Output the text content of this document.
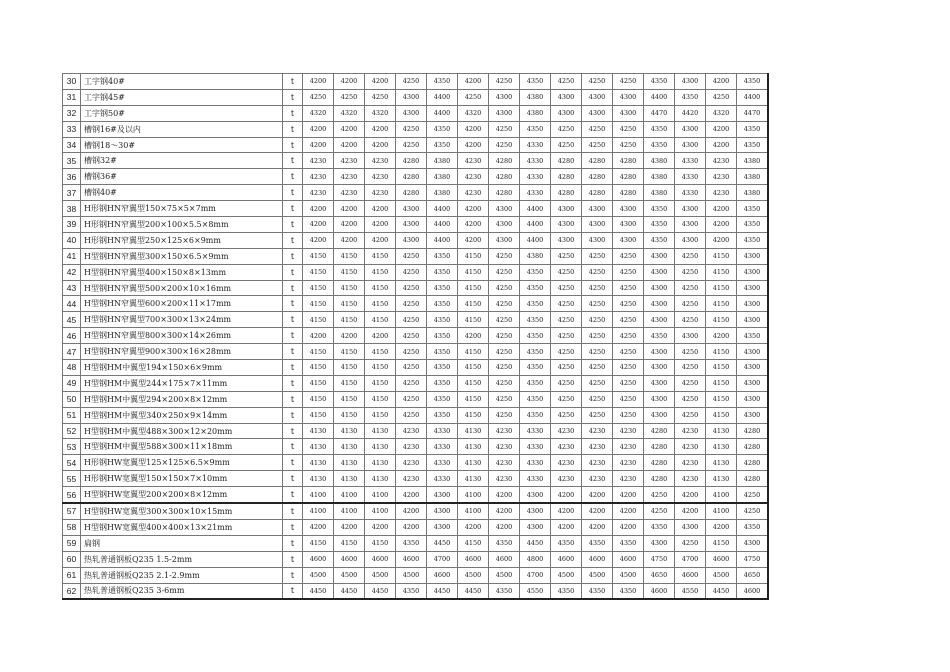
30	工字钢40#	t	4200	4200	4200	4250	4350	4200	4250	4350	4250	4250	4250	4350	4300	4200	4350
31	工字钢45#	t	4250	4250	4250	4300	4400	4250	4300	4380	4300	4300	4300	4400	4350	4250	4400
32	工字钢50#	t	4320	4320	4320	4300	4400	4320	4300	4380	4300	4300	4300	4470	4420	4320	4470
33	槽钢16#及以内	t	4200	4200	4200	4250	4350	4200	4250	4350	4250	4250	4250	4350	4300	4200	4350
34	槽钢18～30#	t	4200	4200	4200	4250	4350	4200	4250	4330	4250	4250	4250	4350	4300	4200	4350
35	槽钢32#	t	4230	4230	4230	4280	4380	4230	4280	4330	4280	4280	4280	4380	4330	4230	4380
36	槽钢36#	t	4230	4230	4230	4280	4380	4230	4280	4330	4280	4280	4280	4380	4330	4230	4380
37	槽钢40#	t	4230	4230	4230	4280	4380	4230	4280	4330	4280	4280	4280	4380	4330	4230	4380
38	H形钢HN窄翼型150×75×5×7mm	t	4200	4200	4200	4300	4400	4200	4300	4400	4300	4300	4300	4350	4300	4200	4350
39	H形钢HN窄翼型200×100×5.5×8mm	t	4200	4200	4200	4300	4400	4200	4300	4400	4300	4300	4300	4350	4300	4200	4350
40	H形钢HN窄翼型250×125×6×9mm	t	4200	4200	4200	4300	4400	4200	4300	4400	4300	4300	4300	4350	4300	4200	4350
41	H型钢HN窄翼型300×150×6.5×9mm	t	4150	4150	4150	4250	4350	4150	4250	4380	4250	4250	4250	4300	4250	4150	4300
42	H型钢HN窄翼型400×150×8×13mm	t	4150	4150	4150	4250	4350	4150	4250	4350	4250	4250	4250	4300	4250	4150	4300
43	H型钢HN窄翼型500×200×10×16mm	t	4150	4150	4150	4250	4350	4150	4250	4350	4250	4250	4250	4300	4250	4150	4300
44	H型钢HN窄翼型600×200×11×17mm	t	4150	4150	4150	4250	4350	4150	4250	4350	4250	4250	4250	4300	4250	4150	4300
45	H型钢HN窄翼型700×300×13×24mm	t	4150	4150	4150	4250	4350	4150	4250	4350	4250	4250	4250	4300	4250	4150	4300
46	H型钢HN窄翼型800×300×14×26mm	t	4200	4200	4200	4250	4350	4200	4250	4350	4250	4250	4250	4350	4300	4200	4350
47	H型钢HN窄翼型900×300×16×28mm	t	4150	4150	4150	4250	4350	4150	4250	4350	4250	4250	4250	4300	4250	4150	4300
48	H型钢HM中翼型194×150×6×9mm	t	4150	4150	4150	4250	4350	4150	4250	4350	4250	4250	4250	4300	4250	4150	4300
49	H型钢HM中翼型244×175×7×11mm	t	4150	4150	4150	4250	4350	4150	4250	4350	4250	4250	4250	4300	4250	4150	4300
50	H型钢HM中翼型294×200×8×12mm	t	4150	4150	4150	4250	4350	4150	4250	4350	4250	4250	4250	4300	4250	4150	4300
51	H型钢HM中翼型340×250×9×14mm	t	4150	4150	4150	4250	4350	4150	4250	4350	4250	4250	4250	4300	4250	4150	4300
52	H型钢HM中翼型488×300×12×20mm	t	4130	4130	4130	4230	4330	4130	4230	4330	4230	4230	4230	4280	4230	4130	4280
53	H型钢HM中翼型588×300×11×18mm	t	4130	4130	4130	4230	4330	4130	4230	4330	4230	4230	4230	4280	4230	4130	4280
54	H形钢HW宽翼型125×125×6.5×9mm	t	4130	4130	4130	4230	4330	4130	4230	4330	4230	4230	4230	4280	4230	4130	4280
55	H形钢HW宽翼型150×150×7×10mm	t	4130	4130	4130	4230	4330	4130	4230	4330	4230	4230	4230	4280	4230	4130	4280
56	H型钢HW宽翼型200×200×8×12mm	t	4100	4100	4100	4200	4300	4100	4200	4300	4200	4200	4200	4250	4200	4100	4250
57	H型钢HW宽翼型300×300×10×15mm	t	4100	4100	4100	4200	4300	4100	4200	4300	4200	4200	4200	4250	4200	4100	4250
58	H型钢HW宽翼型400×400×13×21mm	t	4200	4200	4200	4200	4300	4200	4200	4300	4200	4200	4200	4350	4300	4200	4350
59	扁钢	t	4150	4150	4150	4350	4450	4150	4350	4450	4350	4350	4350	4300	4250	4150	4300
60	热轧普通钢板Q235 1.5-2mm	t	4600	4600	4600	4600	4700	4600	4600	4800	4600	4600	4600	4750	4700	4600	4750
61	热轧普通钢板Q235 2.1-2.9mm	t	4500	4500	4500	4500	4600	4500	4500	4700	4500	4500	4500	4650	4600	4500	4650
62	热轧普通钢板Q235 3-6mm	t	4450	4450	4450	4350	4450	4450	4350	4550	4350	4350	4350	4600	4550	4450	4600
